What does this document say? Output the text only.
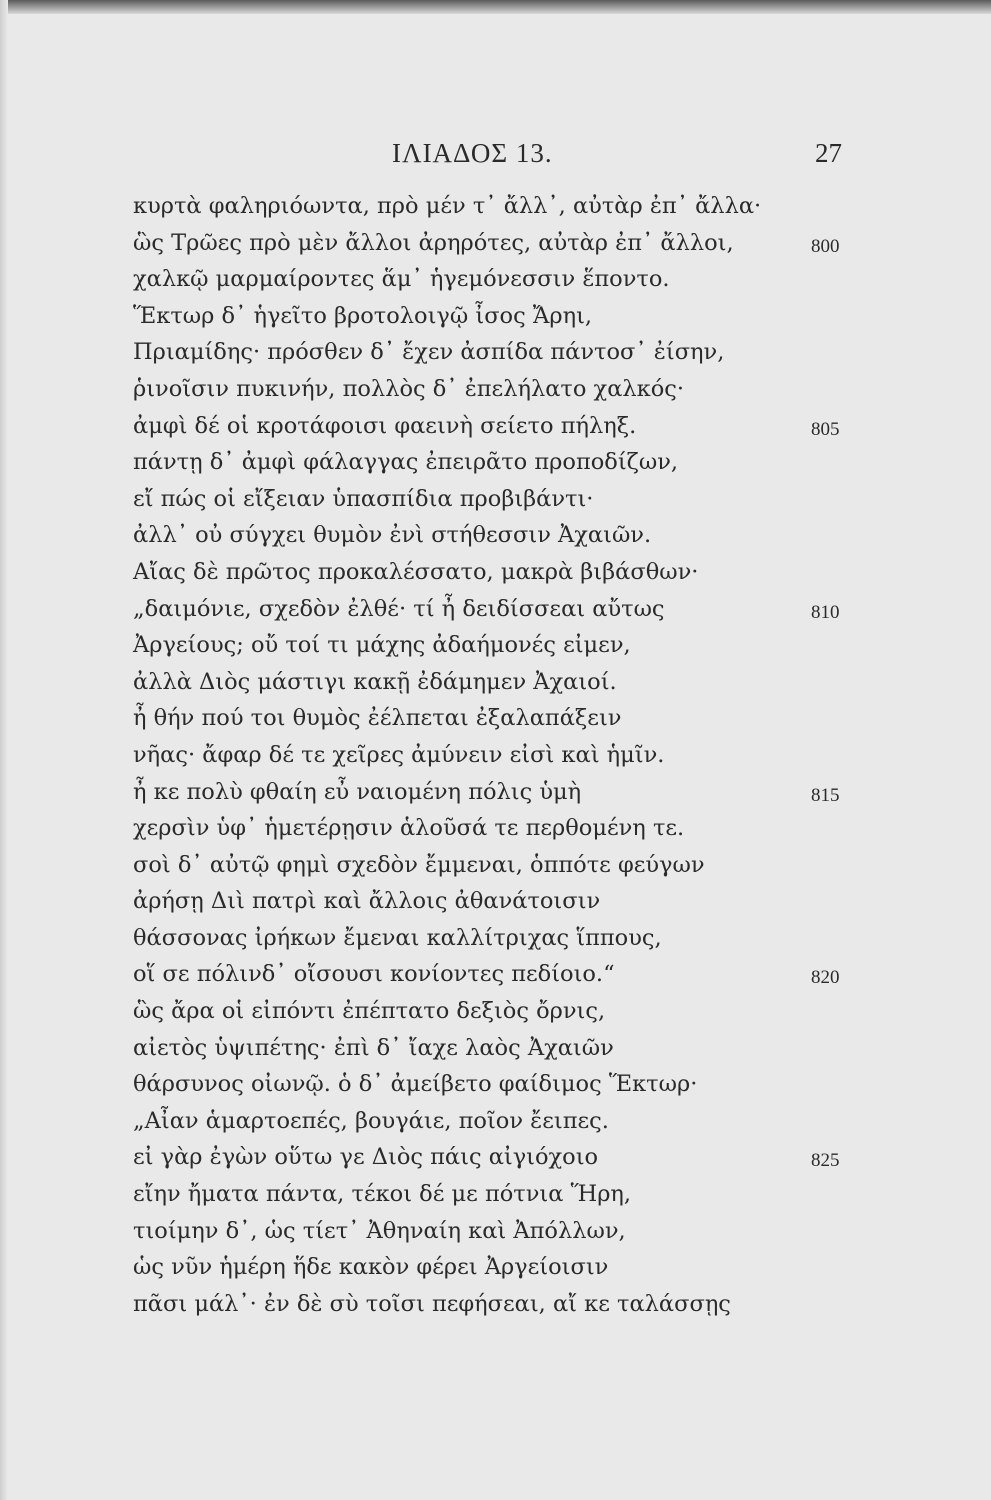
ΙΛΙΑΔΟΣ 13.	27
κυρτὰ φαληριόωντα, πρὸ μέν τ᾽ ἄλλ᾽, αὐτὰρ ἐπ᾽ ἄλλα·
ὣς Τρῶες πρὸ μὲν ἄλλοι ἀρηρότες, αὐτὰρ ἐπ᾽ ἄλλοι,	800
χαλκῷ μαρμαίροντες ἅμ᾽ ἡγεμόνεσσιν ἕποντο.
Ἕκτωρ δ᾽ ἡγεῖτο βροτολοιγῷ ἶσος Ἄρηι,
Πριαμίδης· πρόσθεν δ᾽ ἔχεν ἀσπίδα πάντοσ᾽ ἐίσην,
ῥινοῖσιν πυκινήν, πολλὸς δ᾽ ἐπελήλατο χαλκός·
ἀμφὶ δέ οἱ κροτάφοισι φαεινὴ σείετο πήληξ.	805
πάντῃ δ᾽ ἀμφὶ φάλαγγας ἐπειρᾶτο προποδίζων,
εἴ πώς οἱ εἴξειαν ὑπασπίδια προβιβάντι·
ἀλλ᾽ οὐ σύγχει θυμὸν ἐνὶ στήθεσσιν Ἀχαιῶν.
Αἴας δὲ πρῶτος προκαλέσσατο, μακρὰ βιβάσθων·
„δαιμόνιε, σχεδὸν ἐλθέ· τί ἦ δειδίσσεαι αὔτως	810
Ἀργείους; οὔ τοί τι μάχης ἀδαήμονές εἰμεν,
ἀλλὰ Διὸς μάστιγι κακῇ ἐδάμημεν Ἀχαιοί.
ἦ θήν πού τοι θυμὸς ἐέλπεται ἐξαλαπάξειν
νῆας· ἄφαρ δέ τε χεῖρες ἀμύνειν εἰσὶ καὶ ἡμῖν.
ἦ κε πολὺ φθαίη εὖ ναιομένη πόλις ὑμὴ	815
χερσὶν ὑφ᾽ ἡμετέρῃσιν ἁλοῦσά τε περθομένη τε.
σοὶ δ᾽ αὐτῷ φημὶ σχεδὸν ἔμμεναι, ὁππότε φεύγων
ἀρήσῃ Διὶ πατρὶ καὶ ἄλλοις ἀθανάτοισιν
θάσσονας ἰρήκων ἔμεναι καλλίτριχας ἵππους,
οἵ σε πόλινδ᾽ οἴσουσι κονίοντες πεδίοιο.“	820
ὣς ἄρα οἱ εἰπόντι ἐπέπτατο δεξιὸς ὄρνις,
αἰετὸς ὑψιπέτης· ἐπὶ δ᾽ ἴαχε λαὸς Ἀχαιῶν
θάρσυνος οἰωνῷ. ὁ δ᾽ ἀμείβετο φαίδιμος Ἕκτωρ·
„Αἶαν ἁμαρτοεπές, βουγάιε, ποῖον ἔειπες.
εἰ γὰρ ἐγὼν οὕτω γε Διὸς πάις αἰγιόχοιο	825
εἴην ἤματα πάντα, τέκοι δέ με πότνια Ἥρη,
τιοίμην δ᾽, ὡς τίετ᾽ Ἀθηναίη καὶ Ἀπόλλων,
ὡς νῦν ἡμέρη ἥδε κακὸν φέρει Ἀργείοισιν
πᾶσι μάλ᾽· ἐν δὲ σὺ τοῖσι πεφήσεαι, αἴ κε ταλάσσῃς
